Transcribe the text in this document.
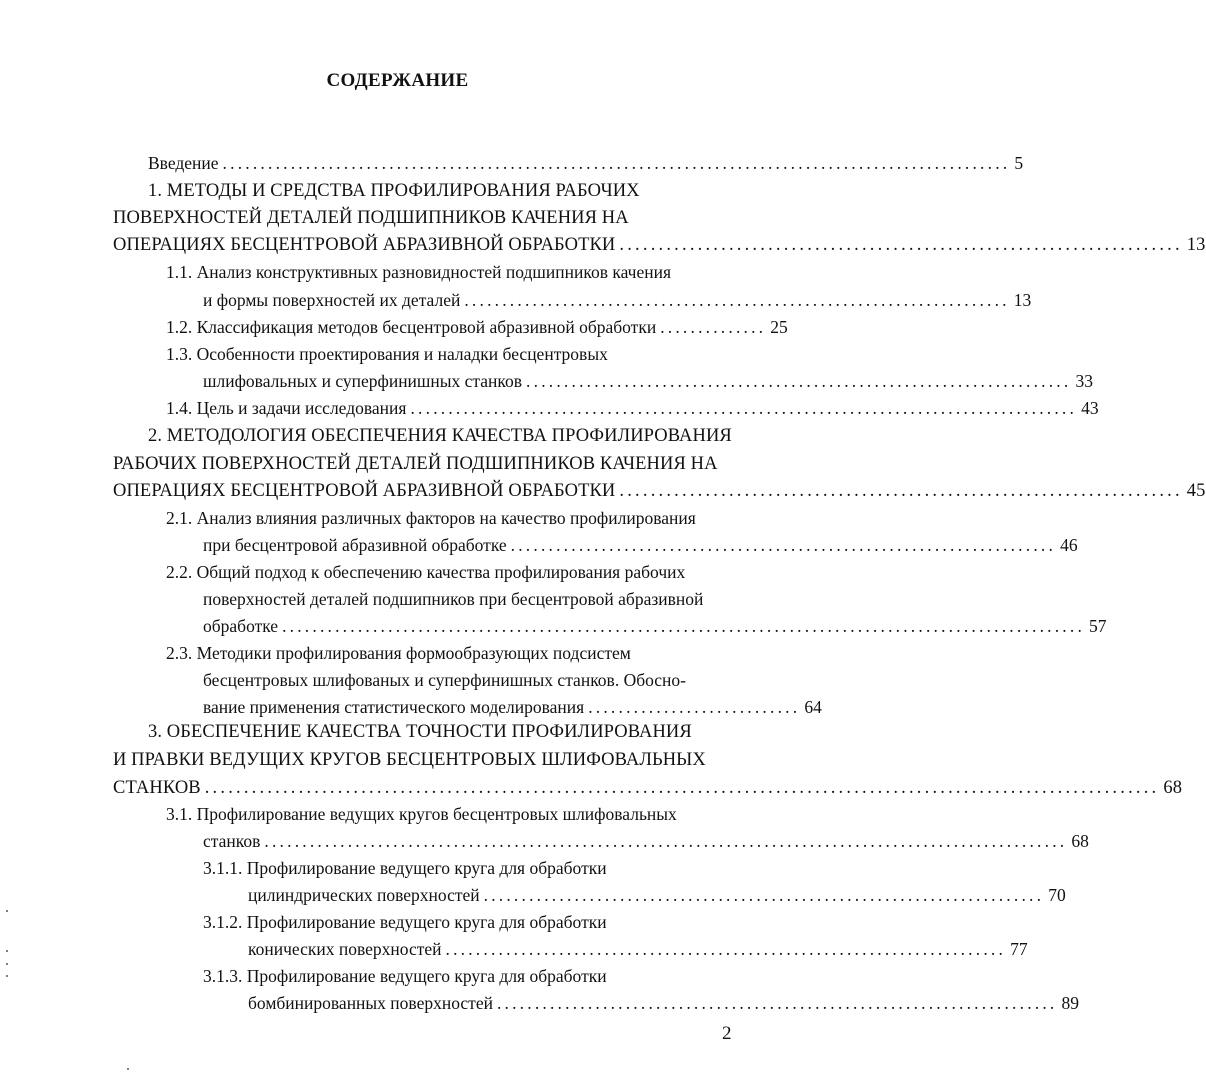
СОДЕРЖАНИЕ
Введение ........................................................................................................ 5
1. МЕТОДЫ И СРЕДСТВА ПРОФИЛИРОВАНИЯ РАБОЧИХ
ПОВЕРХНОСТЕЙ ДЕТАЛЕЙ ПОДШИПНИКОВ КАЧЕНИЯ НА
ОПЕРАЦИЯХ БЕСЦЕНТРОВОЙ АБРАЗИВНОЙ ОБРАБОТКИ ........................................................................ 13
1.1. Анализ конструктивных разновидностей подшипников качения
и формы поверхностей их деталей ........................................................................ 13
1.2. Классификация методов бесцентровой абразивной обработки .............. 25
1.3. Особенности проектирования и наладки бесцентровых
шлифовальных и суперфинишных станков ........................................................................ 33
1.4. Цель и задачи исследования ........................................................................................ 43
2. МЕТОДОЛОГИЯ ОБЕСПЕЧЕНИЯ КАЧЕСТВА ПРОФИЛИРОВАНИЯ
РАБОЧИХ ПОВЕРХНОСТЕЙ ДЕТАЛЕЙ ПОДШИПНИКОВ КАЧЕНИЯ НА
ОПЕРАЦИЯХ БЕСЦЕНТРОВОЙ АБРАЗИВНОЙ ОБРАБОТКИ ........................................................................ 45
2.1. Анализ влияния различных факторов на качество профилирования
при бесцентровой абразивной обработке ........................................................................ 46
2.2. Общий подход к обеспечению качества профилирования рабочих
поверхностей деталей подшипников при бесцентровой абразивной
обработке .......................................................................................................... 57
2.3. Методики профилирования формообразующих подсистем
бесцентровых шлифованых и суперфинишных станков. Обосно-
вание применения статистического моделирования ............................ 64
3. ОБЕСПЕЧЕНИЕ КАЧЕСТВА ТОЧНОСТИ ПРОФИЛИРОВАНИЯ
И ПРАВКИ ВЕДУЩИХ КРУГОВ БЕСЦЕНТРОВЫХ ШЛИФОВАЛЬНЫХ
СТАНКОВ .......................................................................................................................... 68
3.1. Профилирование ведущих кругов бесцентровых шлифовальных
станков .......................................................................................................... 68
3.1.1. Профилирование ведущего круга для обработки
цилиндрических поверхностей .......................................................................... 70
3.1.2. Профилирование ведущего круга для обработки
конических поверхностей .......................................................................... 77
3.1.3. Профилирование ведущего круга для обработки
бомбинированных поверхностей .......................................................................... 89
2
